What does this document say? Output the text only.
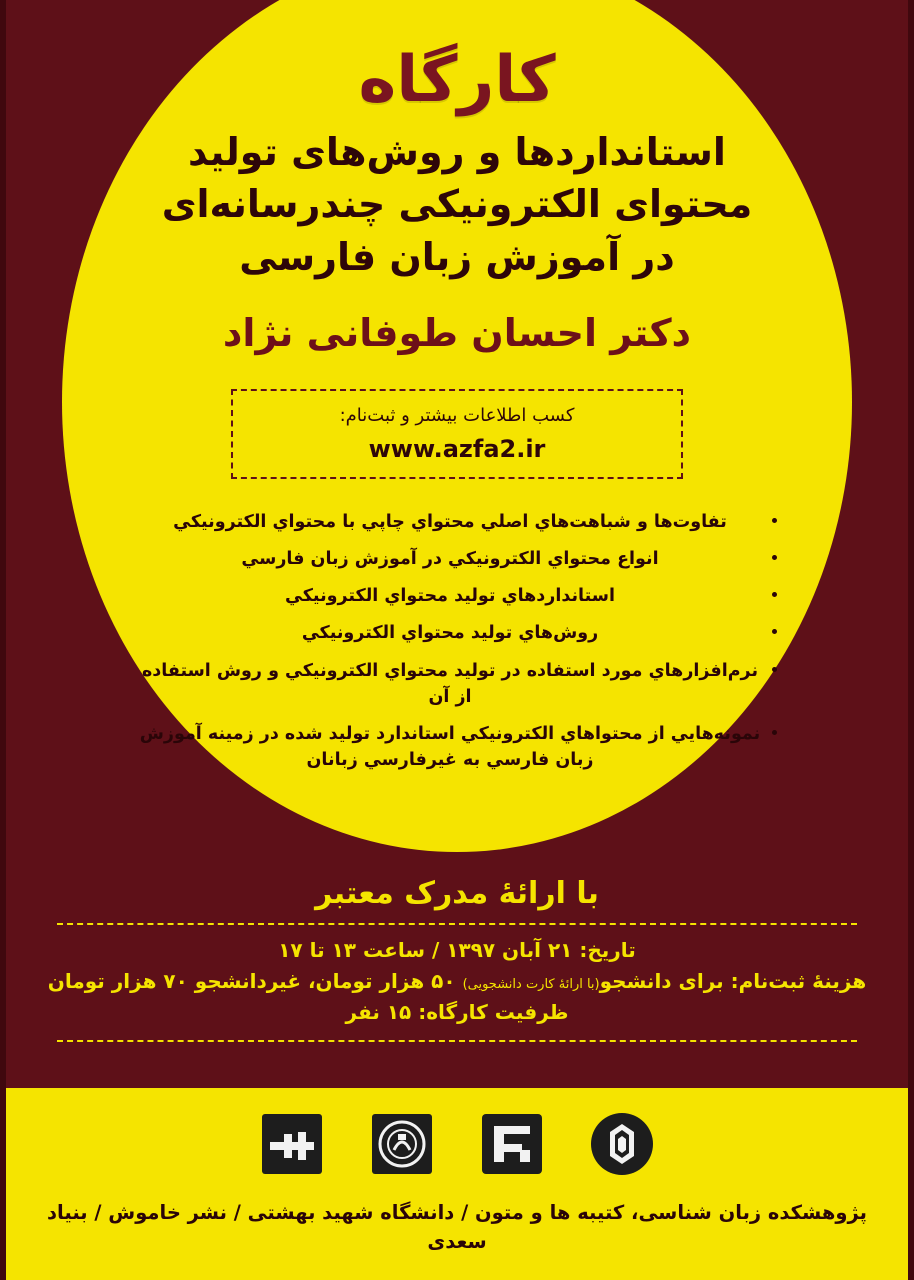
کارگاه
استانداردها و روش‌های تولید
محتوای الکترونیکی چندرسانه‌ای
در آموزش زبان فارسی
دکتر احسان طوفانی نژاد
کسب اطلاعات بیشتر و ثبت‌نام:
www.azfa2.ir
تفاوت‌ها و شباهت‌هاي اصلي محتواي چاپي با محتواي الکترونيکي
انواع محتواي الکترونيکي در آموزش زبان فارسي
استانداردهاي توليد محتواي الکترونيکي
روش‌هاي توليد محتواي الکترونيکي
نرم‌افزارهاي مورد استفاده در توليد محتواي الکترونيکي و روش استفاده از آن
نمونه‌هايي از محتواهاي الکترونيکي استاندارد توليد شده در زمينه آموزش زبان فارسي به غيرفارسي زبانان
با ارائۀ مدرک معتبر
تاریخ: ۲۱ آبان ۱۳۹۷ / ساعت ۱۳ تا ۱۷
هزینۀ ثبت‌نام: برای دانشجو(با ارائۀ کارت دانشجویی) ۵۰ هزار تومان، غیردانشجو ۷۰ هزار تومان
ظرفیت کارگاه: ۱۵ نفر
پژوهشکده زبان شناسی، کتیبه ها و متون / دانشگاه شهید بهشتی / نشر خاموش / بنیاد سعدی
